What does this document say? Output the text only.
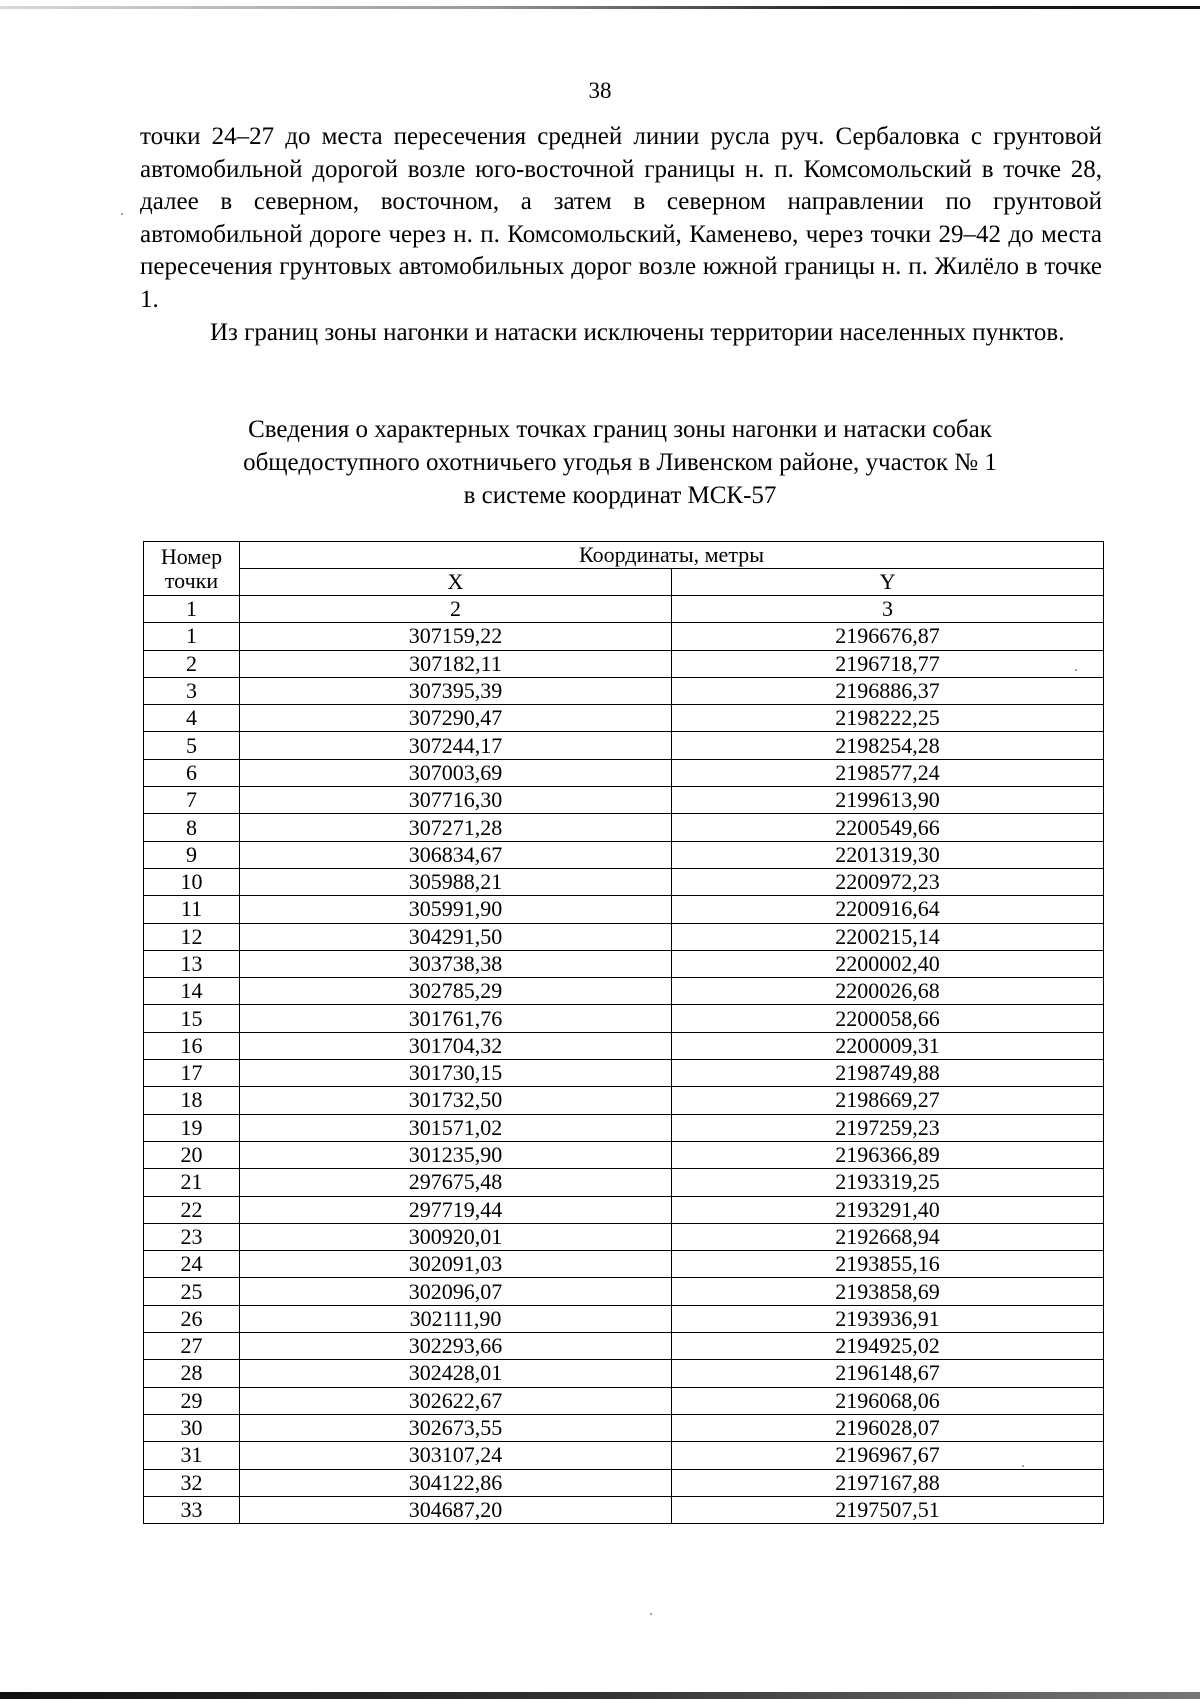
38

точки 24–27 до места пересечения средней линии русла руч. Сербаловка с грунтовой автомобильной дорогой возле юго-восточной границы н. п. Комсомольский в точке 28, далее в северном, восточном, а затем в северном направлении по грунтовой автомобильной дороге через н. п. Комсомольский, Каменево, через точки 29–42 до места пересечения грунтовых автомобильных дорог возле южной границы н. п. Жилёло в точке 1.

Из границ зоны нагонки и натаски исключены территории населенных пунктов.

Сведения о характерных точках границ зоны нагонки и натаски собак
общедоступного охотничьего угодья в Ливенском районе, участок № 1
в системе координат МСК-57
Номер
точки	Координаты, метры	
	X	Y
1	2	3
1	307159,22	2196676,87
2	307182,11	2196718,77
3	307395,39	2196886,37
4	307290,47	2198222,25
5	307244,17	2198254,28
6	307003,69	2198577,24
7	307716,30	2199613,90
8	307271,28	2200549,66
9	306834,67	2201319,30
10	305988,21	2200972,23
11	305991,90	2200916,64
12	304291,50	2200215,14
13	303738,38	2200002,40
14	302785,29	2200026,68
15	301761,76	2200058,66
16	301704,32	2200009,31
17	301730,15	2198749,88
18	301732,50	2198669,27
19	301571,02	2197259,23
20	301235,90	2196366,89
21	297675,48	2193319,25
22	297719,44	2193291,40
23	300920,01	2192668,94
24	302091,03	2193855,16
25	302096,07	2193858,69
26	302111,90	2193936,91
27	302293,66	2194925,02
28	302428,01	2196148,67
29	302622,67	2196068,06
30	302673,55	2196028,07
31	303107,24	2196967,67
32	304122,86	2197167,88
33	304687,20	2197507,51
